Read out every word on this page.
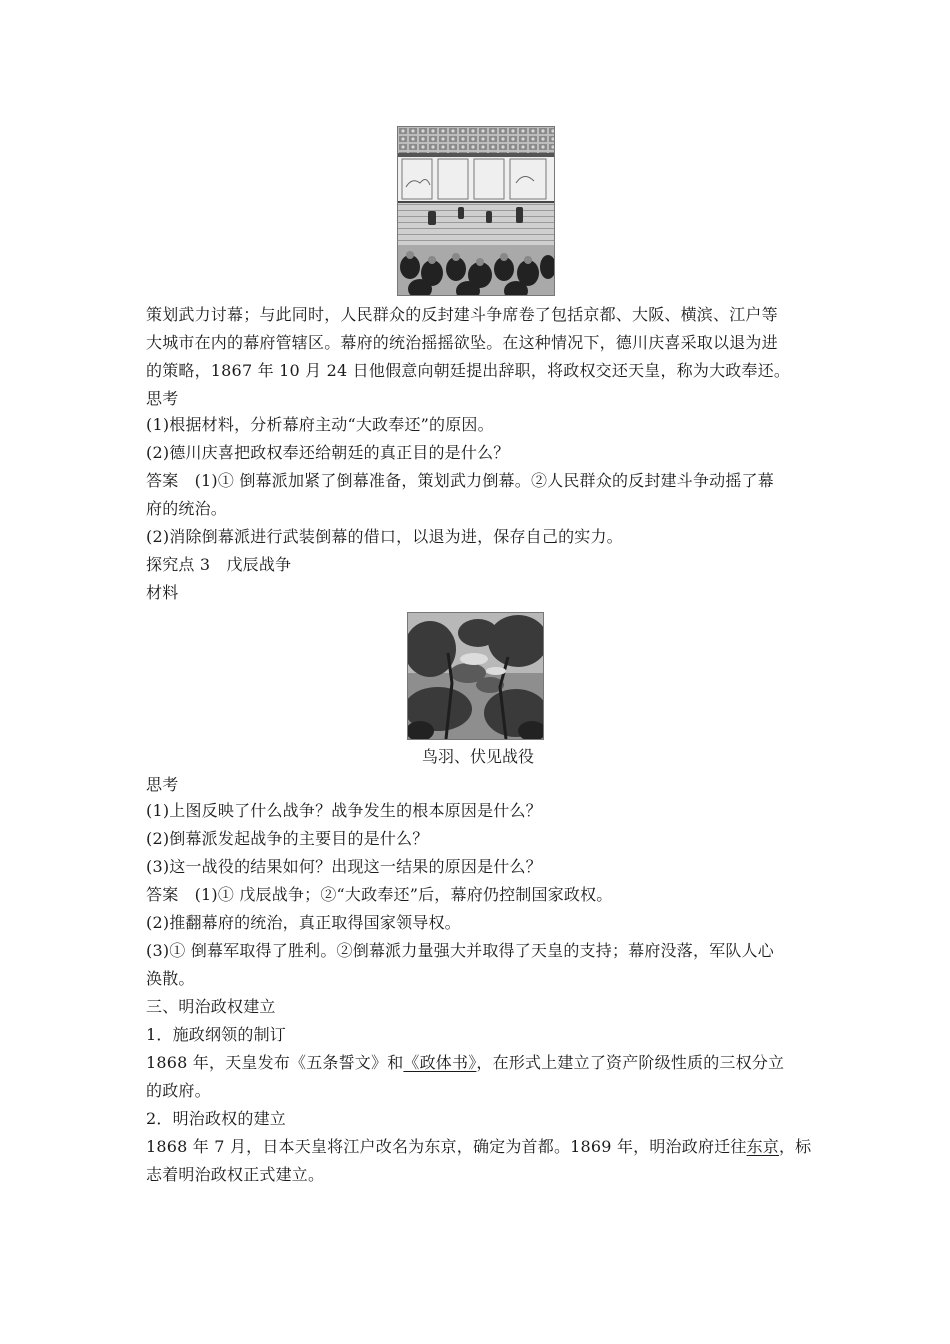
策划武力讨幕；与此同时，人民群众的反封建斗争席卷了包括京都、大阪、横滨、江户等
大城市在内的幕府管辖区。幕府的统治摇摇欲坠。在这种情况下，德川庆喜采取以退为进
的策略，1867 年 10 月 24 日他假意向朝廷提出辞职，将政权交还天皇，称为大政奉还。
思考
(1)根据材料，分析幕府主动“大政奉还”的原因。
(2)德川庆喜把政权奉还给朝廷的真正目的是什么？
答案　(1)① 倒幕派加紧了倒幕准备，策划武力倒幕。②人民群众的反封建斗争动摇了幕
府的统治。
(2)消除倒幕派进行武装倒幕的借口，以退为进，保存自己的实力。
探究点 3　戊辰战争
材料
鸟羽、伏见战役
思考
(1)上图反映了什么战争？战争发生的根本原因是什么？
(2)倒幕派发起战争的主要目的是什么？
(3)这一战役的结果如何？出现这一结果的原因是什么？
答案　(1)① 戊辰战争；②“大政奉还”后，幕府仍控制国家政权。
(2)推翻幕府的统治，真正取得国家领导权。
(3)① 倒幕军取得了胜利。②倒幕派力量强大并取得了天皇的支持；幕府没落，军队人心
涣散。
三、明治政权建立
1．施政纲领的制订
1868 年，天皇发布《五条誓文》和《政体书》，在形式上建立了资产阶级性质的三权分立
的政府。
2．明治政权的建立
1868 年 7 月，日本天皇将江户改名为东京，确定为首都。1869 年，明治政府迁往东京，标
志着明治政权正式建立。
